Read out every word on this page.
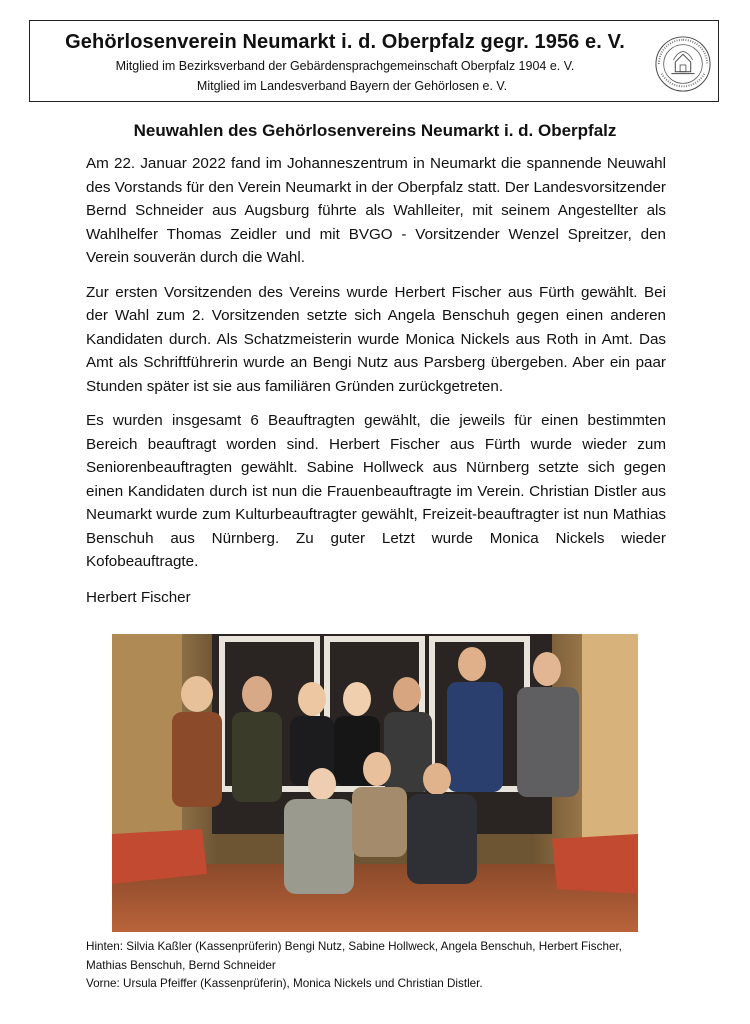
Gehörlosenverein Neumarkt i. d. Oberpfalz gegr. 1956 e. V.
Mitglied im Bezirksverband der Gebärdensprachgemeinschaft Oberpfalz 1904 e. V.
Mitglied im Landesverband Bayern der Gehörlosen e. V.
Neuwahlen des Gehörlosenvereins Neumarkt i. d. Oberpfalz

Am 22. Januar 2022 fand im Johanneszentrum in Neumarkt die spannende Neuwahl des Vorstands für den Verein Neumarkt in der Oberpfalz statt. Der Landesvorsitzender Bernd Schneider aus Augsburg führte als Wahlleiter, mit seinem Angestellter als Wahlhelfer Thomas Zeidler und mit BVGO - Vorsitzender Wenzel Spreitzer, den Verein souverän durch die Wahl.

Zur ersten Vorsitzenden des Vereins wurde Herbert Fischer aus Fürth gewählt. Bei der Wahl zum 2. Vorsitzenden setzte sich Angela Benschuh gegen einen anderen Kandidaten durch. Als Schatzmeisterin wurde Monica Nickels aus Roth in Amt. Das Amt als Schriftführerin wurde an Bengi Nutz aus Parsberg übergeben. Aber ein paar Stunden später ist sie aus familiären Gründen zurückgetreten.

Es wurden insgesamt 6 Beauftragten gewählt, die jeweils für einen bestimmten Bereich beauftragt worden sind. Herbert Fischer aus Fürth wurde wieder zum Seniorenbeauftragten gewählt. Sabine Hollweck aus Nürnberg setzte sich gegen einen Kandidaten durch ist nun die Frauenbeauftragte im Verein. Christian Distler aus Neumarkt wurde zum Kulturbeauftragter gewählt, Freizeit-beauftragter ist nun Mathias Benschuh aus Nürnberg. Zu guter Letzt wurde Monica Nickels wieder Kofobeauftragte.

Herbert Fischer

Hinten: Silvia Kaßler (Kassenprüferin) Bengi Nutz, Sabine Hollweck, Angela Benschuh, Herbert Fischer, Mathias Benschuh, Bernd Schneider
Vorne: Ursula Pfeiffer (Kassenprüferin), Monica Nickels und Christian Distler.
